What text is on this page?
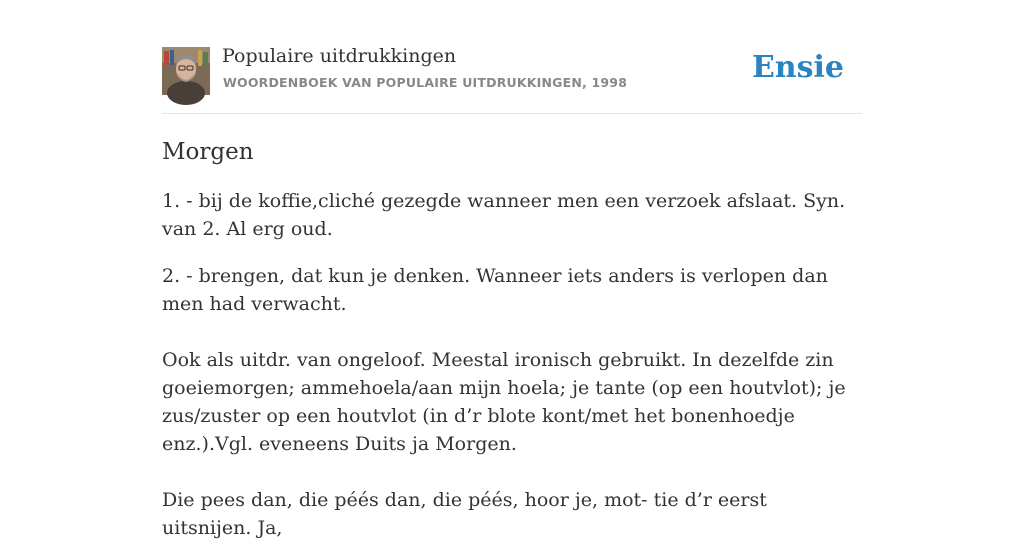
Populaire uitdrukkingen
WOORDENBOEK VAN POPULAIRE UITDRUKKINGEN, 1998	Ensie
Morgen

1. - bij de koffie,cliché gezegde wanneer men een verzoek afslaat. Syn. van 2. Al erg oud.

2. - brengen, dat kun je denken. Wanneer iets anders is verlopen dan men had verwacht.

Ook als uitdr. van ongeloof. Meestal ironisch gebruikt. In dezelfde zin goeiemorgen; ammehoela/aan mijn hoela; je tante (op een houtvlot); je zus/zuster op een houtvlot (in d’r blote kont/met het bonenhoedje enz.).Vgl. eveneens Duits ja Morgen.

Die pees dan, die péés dan, die péés, hoor je, mot- tie d’r eerst uitsnijen. Ja,
